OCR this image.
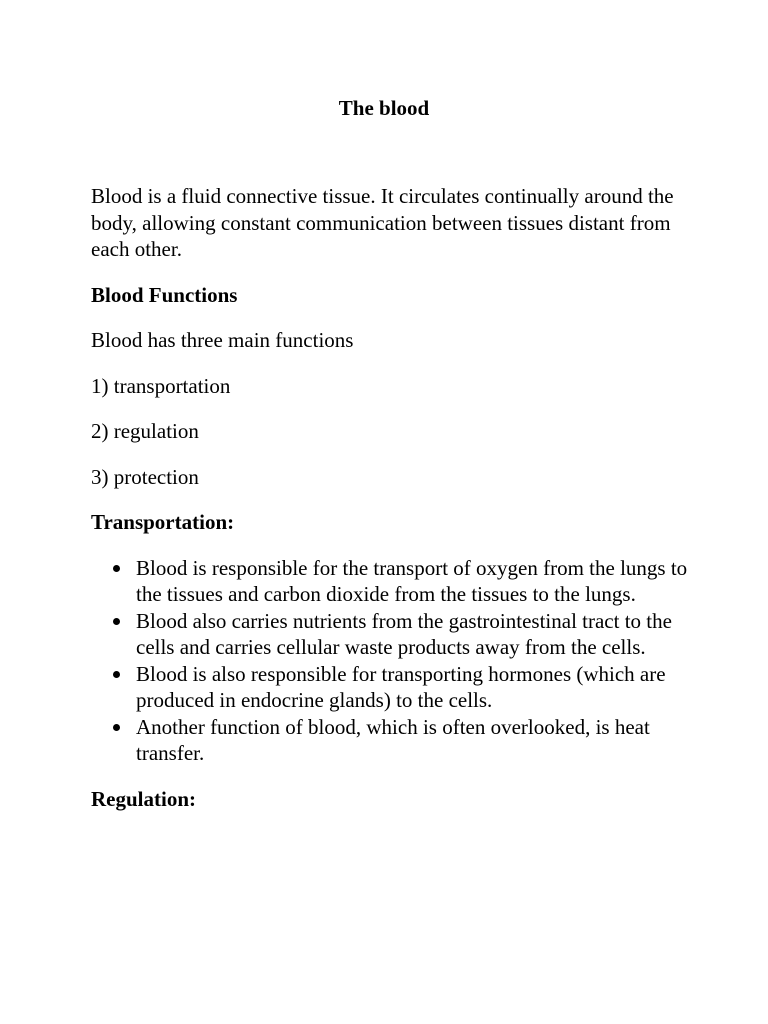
The blood

Blood is a fluid connective tissue. It circulates continually around the body, allowing constant communication between tissues distant from each other.

Blood Functions

Blood has three main functions

1) transportation

2) regulation

3) protection

Transportation:

Blood is responsible for the transport of oxygen from the lungs to the tissues and carbon dioxide from the tissues to the lungs.
Blood also carries nutrients from the gastrointestinal tract to the cells and carries cellular waste products away from the cells.
Blood is also responsible for transporting hormones (which are produced in endocrine glands) to the cells.
Another function of blood, which is often overlooked, is heat transfer.

Regulation:
